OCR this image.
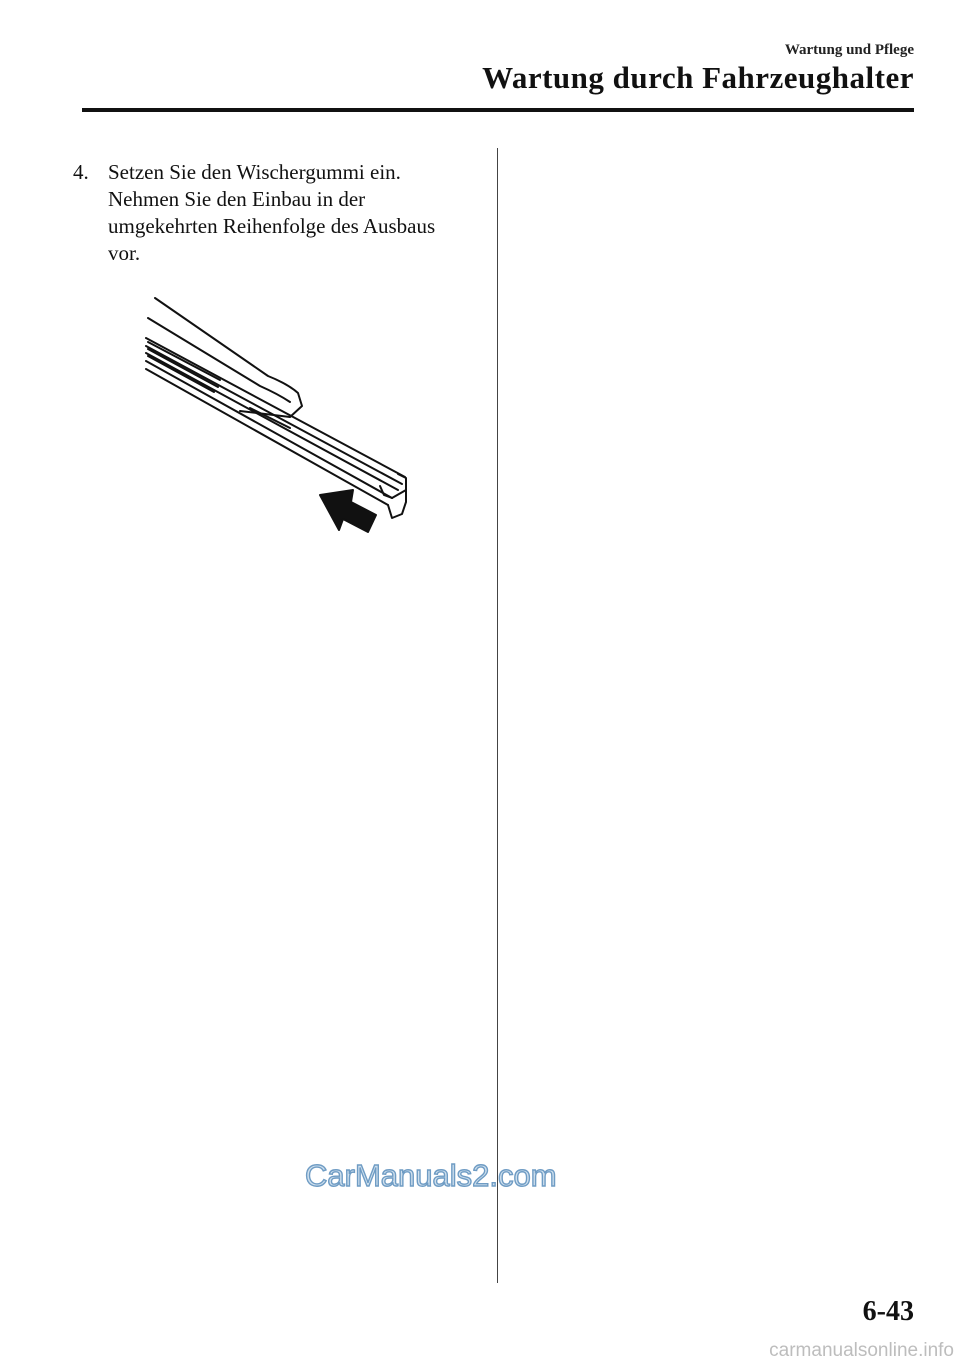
Wartung und Pflege
Wartung durch Fahrzeughalter
4. Setzen Sie den Wischergummi ein.
Nehmen Sie den Einbau in der
umgekehrten Reihenfolge des Ausbaus
vor.
CarManuals2.com
6-43
carmanualsonline.info
